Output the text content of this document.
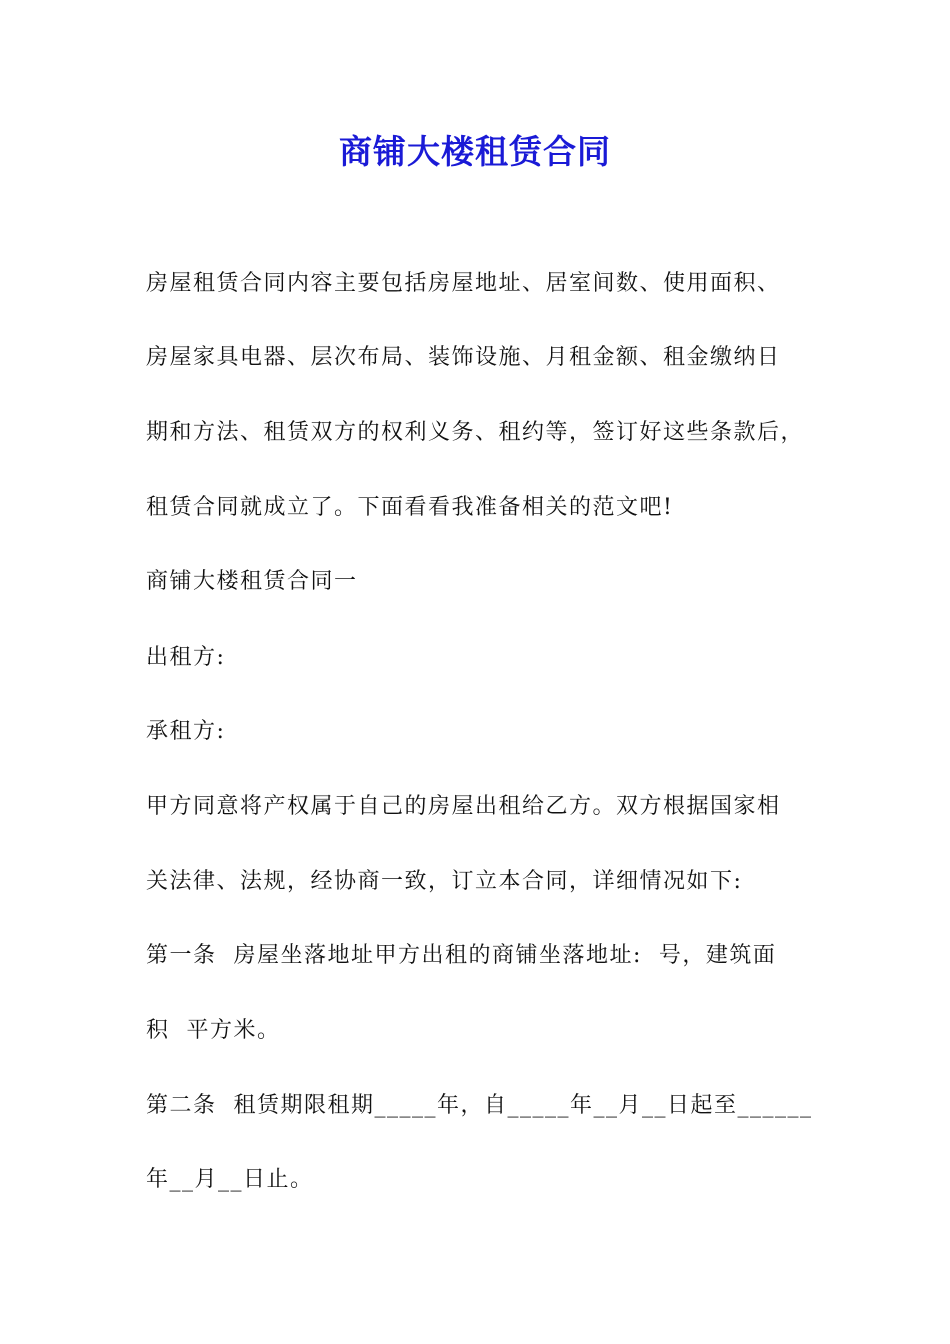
商铺大楼租赁合同
房屋租赁合同内容主要包括房屋地址、居室间数、使用面积、
房屋家具电器、层次布局、装饰设施、月租金额、租金缴纳日
期和方法、租赁双方的权利义务、租约等，签订好这些条款后，
租赁合同就成立了。下面看看我准备相关的范文吧!
商铺大楼租赁合同一
出租方:
承租方:
甲方同意将产权属于自己的房屋出租给乙方。双方根据国家相
关法律、法规，经协商一致，订立本合同，详细情况如下:
第一条  房屋坐落地址甲方出租的商铺坐落地址:  号，建筑面
积  平方米。
第二条  租赁期限租期_____年，自_____年__月__日起至______
年__月__日止。
